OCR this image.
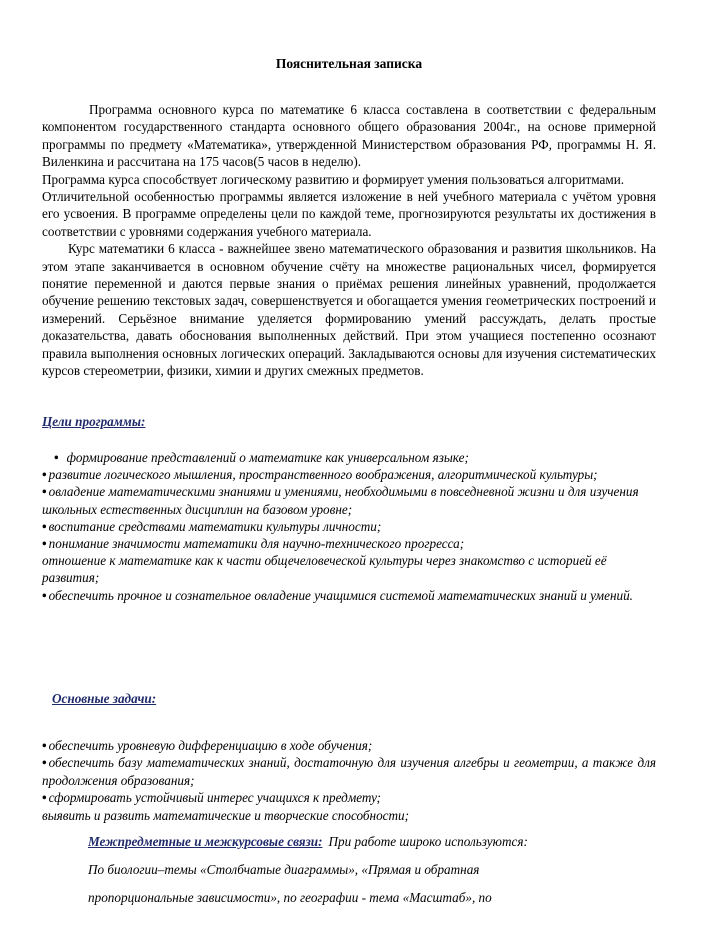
Пояснительная записка

Программа основного курса по математике 6 класса составлена в соответствии с федеральным компонентом государственного стандарта основного общего образования 2004г., на основе примерной программы по предмету «Математика», утвержденной Министерством образования РФ, программы Н. Я. Виленкина и рассчитана на 175 часов(5 часов в неделю).

Программа курса способствует логическому развитию и формирует умения пользоваться алгоритмами.

Отличительной особенностью программы является изложение в ней учебного материала с учётом уровня его усвоения. В программе определены цели по каждой теме, прогнозируются результаты их достижения в соответствии с уровнями содержания учебного материала.

Курс математики 6 класса - важнейшее звено математического образования и развития школьников. На этом этапе заканчивается в основном обучение счёту на множестве рациональных чисел, формируется понятие переменной и даются первые знания о приёмах решения линейных уравнений, продолжается обучение решению текстовых задач, совершенствуется и обогащается умения геометрических построений и измерений. Серьёзное внимание уделяется формированию умений рассуждать, делать простые доказательства, давать обоснования выполненных действий. При этом учащиеся постепенно осознают правила выполнения основных логических операций. Закладываются основы для изучения систематических курсов стереометрии, физики, химии и других смежных предметов.

Цели программы:

• формирование представлений о математике как универсальном языке;

• развитие логического мышления, пространственного воображения, алгоритмической культуры;

• овладение математическими знаниями и умениями, необходимыми в повседневной жизни и для изучения школьных естественных дисциплин на базовом уровне;

• воспитание средствами математики культуры личности;

• понимание значимости математики для научно-технического прогресса;

отношение к математике как к части общечеловеческой культуры через знакомство с историей её развития;

• обеспечить прочное и сознательное овладение учащимися системой математических знаний и умений.

Основные задачи:

• обеспечить уровневую дифференциацию в ходе обучения;

• обеспечить базу математических знаний, достаточную для изучения алгебры и геометрии, а также для продолжения образования;

• сформировать устойчивый интерес учащихся к предмету;

выявить и развить математические и творческие способности;

Межпредметные и межкурсовые связи: При работе широко используются:
По биологии–темы «Столбчатые диаграммы», «Прямая и обратная
пропорциональные зависимости», по географии - тема «Масштаб», по
